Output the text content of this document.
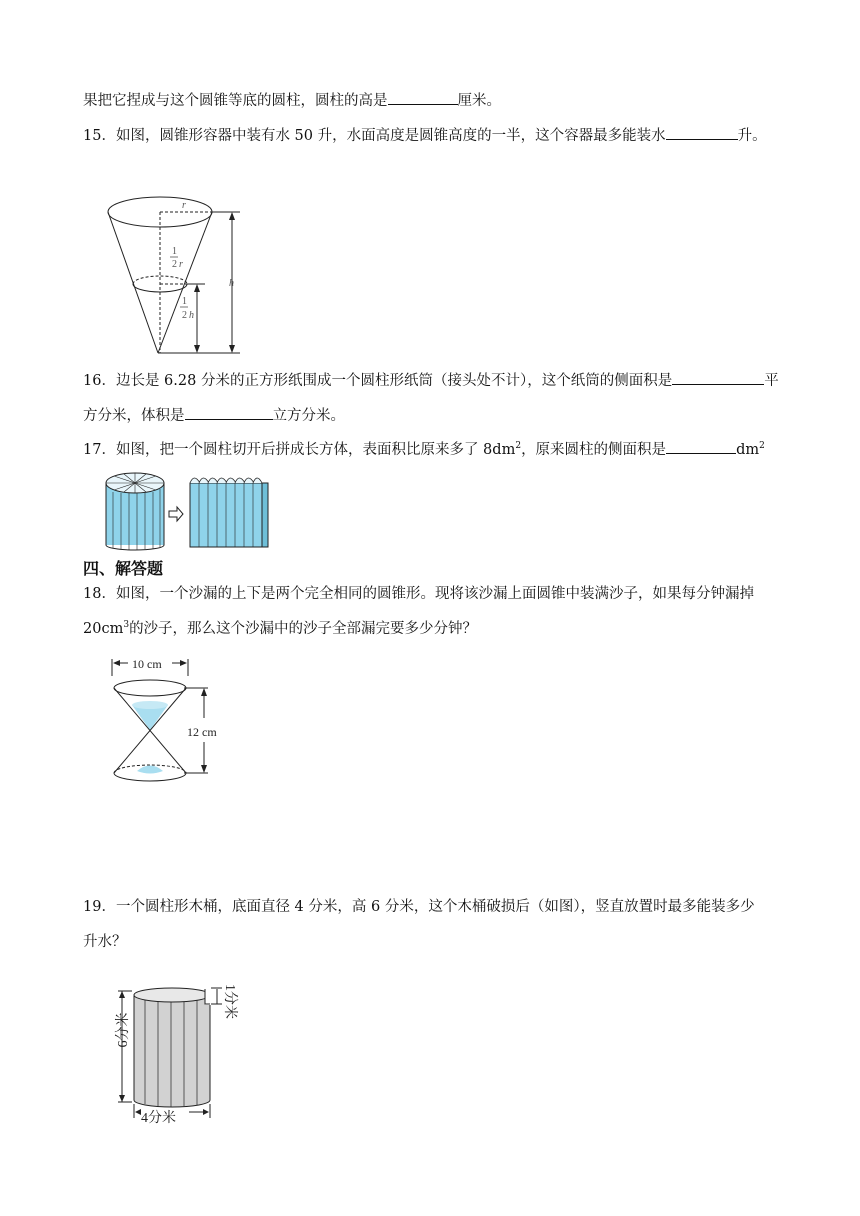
果把它捏成与这个圆锥等底的圆柱，圆柱的高是	厘米。
15．如图，圆锥形容器中装有水 50 升，水面高度是圆锥高度的一半，这个容器最多能装水	升。
r
h
1
2 r
1
2 h
16．边长是 6.28 分米的正方形纸围成一个圆柱形纸筒（接头处不计），这个纸筒的侧面积是	平
方分米，体积是	立方分米。
17．如图，把一个圆柱切开后拼成长方体，表面积比原来多了 $8dm^2$，原来圆柱的侧面积是	$dm^2$
四、解答题
18．如图，一个沙漏的上下是两个完全相同的圆锥形。现将该沙漏上面圆锥中装满沙子，如果每分钟漏掉
$20cm^3$的沙子，那么这个沙漏中的沙子全部漏完要多少分钟？
10 cm
12 cm
19．一个圆柱形木桶，底面直径 4 分米，高 6 分米，这个木桶破损后（如图），竖直放置时最多能装多少
升水？
1分米
6分米
4分米
